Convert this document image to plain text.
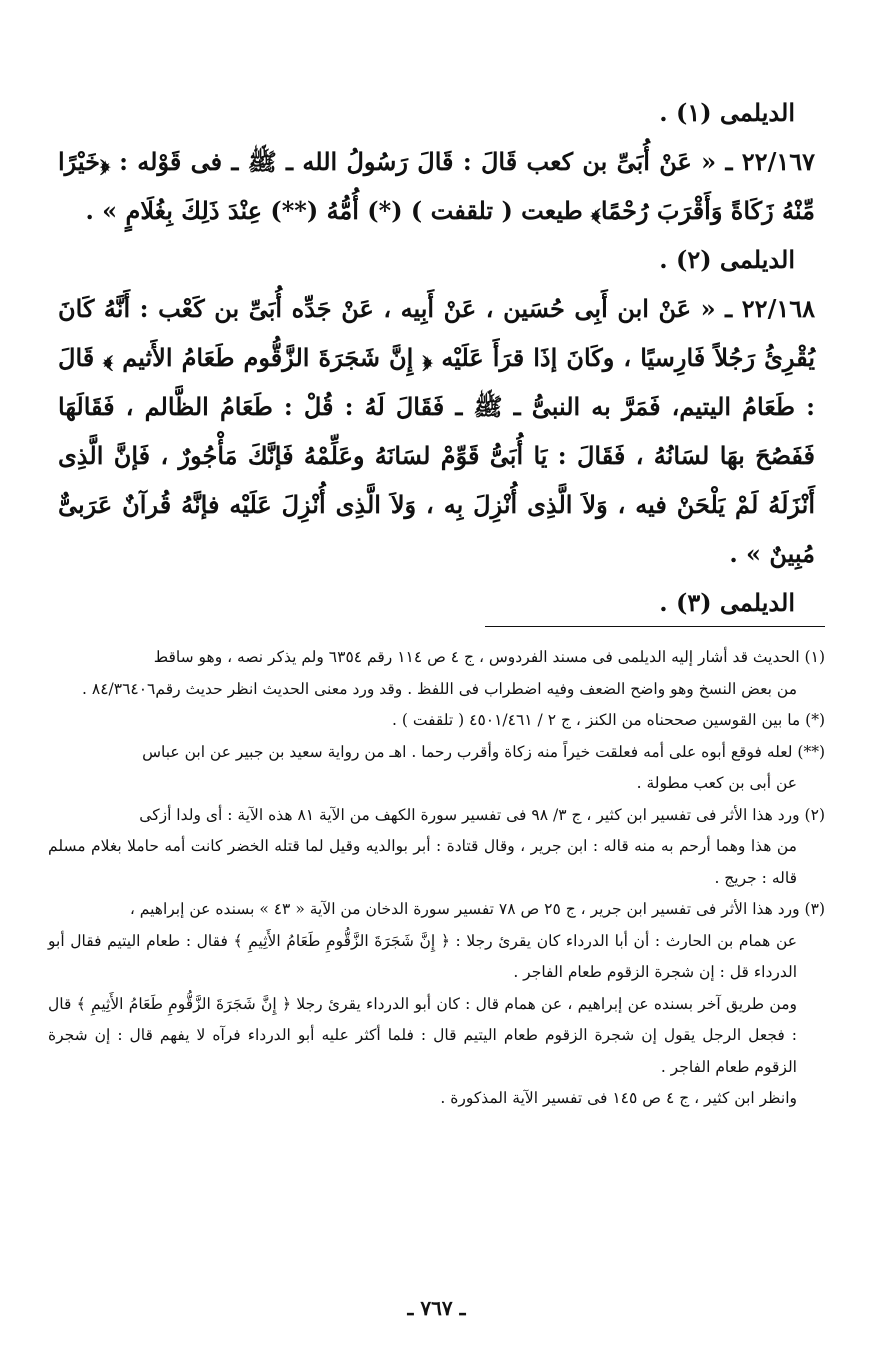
الديلمى (١) .

٢٢/١٦٧ ـ « عَنْ أُبَىِّ بن كعب قَالَ : قَالَ رَسُولُ الله ـ ﷺ ـ فى قَوْله : ﴿خَيْرًا مِّنْهُ زَكَاةً وَأَقْرَبَ رُحْمًا﴾ طيعت ( تلقفت ) (*) أُمُّهُ (**) عِنْدَ ذَلِكَ بِغُلَامٍ » .

الديلمى (٢) .

٢٢/١٦٨ ـ « عَنْ ابن أَبِى حُسَين ، عَنْ أَبِيه ، عَنْ جَدِّه أُبَىِّ بن كَعْب : أَنَّهُ كَانَ يُقْرِئُ رَجُلاً فَارِسيًا ، وكَانَ إذَا قرَأَ عَلَيْه ﴿ إِنَّ شَجَرَةَ الزَّقُّوم طَعَامُ الأَثيم ﴾ قَالَ : طَعَامُ اليتيم، فَمَرَّ به النبىُّ ـ ﷺ ـ فَقَالَ لَهُ : قُلْ : طَعَامُ الظَّالم ، فَقَالَهَا فَفَصُحَ بهَا لسَانُهُ ، فَقَالَ : يَا أُبَىُّ قَوِّمْ لسَانَهُ وعَلِّمْهُ فَإنَّكَ مَأْجُورٌ ، فَإنَّ الَّذِى أَنْزَلَهُ لَمْ يَلْحَنْ فيه ، وَلاَ الَّذِى أُنْزِلَ بِه ، وَلاَ الَّذِى أُنْزِلَ عَلَيْه فإنَّهُ قُرآنٌ عَرَبىٌّ مُبِينٌ » .

الديلمى (٣) .

(١) الحديث قد أشار إليه الديلمى فى مسند الفردوس ، ج ٤ ص ١١٤ رقم ٦٣٥٤ ولم يذكر نصه ، وهو ساقط

من بعض النسخ وهو واضح الضعف وفيه اضطراب فى اللفظ . وقد ورد معنى الحديث انظر حديث رقم٨٤/٣٦٤٠٦ .

(*) ما بين القوسين صححناه من الكنز ، ج ٢ / ٤٥٠١/٤٦١ ( تلقفت ) .

(**) لعله فوقع أبوه على أمه فعلقت خيراً منه زكاة وأقرب رحما . اهـ من رواية سعيد بن جبير عن ابن عباس

عن أبى بن كعب مطولة .

(٢) ورد هذا الأثر فى تفسير ابن كثير ، ج ٣/ ٩٨ فى تفسير سورة الكهف من الآية ٨١ هذه الآية : أى ولدا أزكى

من هذا وهما أرحم به منه قاله : ابن جرير ، وقال قتادة : أبر بوالديه وقيل لما قتله الخضر كانت أمه حاملا بغلام مسلم قاله : جريج .

(٣) ورد هذا الأثر فى تفسير ابن جرير ، ج ٢٥ ص ٧٨ تفسير سورة الدخان من الآية « ٤٣ » بسنده عن إبراهيم ،

عن همام بن الحارث : أن أبا الدرداء كان يقرئ رجلا : ﴿ إِنَّ شَجَرَةَ الزَّقُّومِ طَعَامُ الأَثِيمِ ﴾ فقال : طعام اليتيم فقال أبو الدرداء قل : إن شجرة الزقوم طعام الفاجر .

ومن طريق آخر بسنده عن إبراهيم ، عن همام قال : كان أبو الدرداء يقرئ رجلا ﴿ إِنَّ شَجَرَةَ الزَّقُّومِ طَعَامُ الأَثِيمِ ﴾ قال : فجعل الرجل يقول إن شجرة الزقوم طعام اليتيم قال : فلما أكثر عليه أبو الدرداء فرآه لا يفهم قال : إن شجرة الزقوم طعام الفاجر .

وانظر ابن كثير ، ج ٤ ص ١٤٥ فى تفسير الآية المذكورة .

ـ ٧٦٧ ـ
